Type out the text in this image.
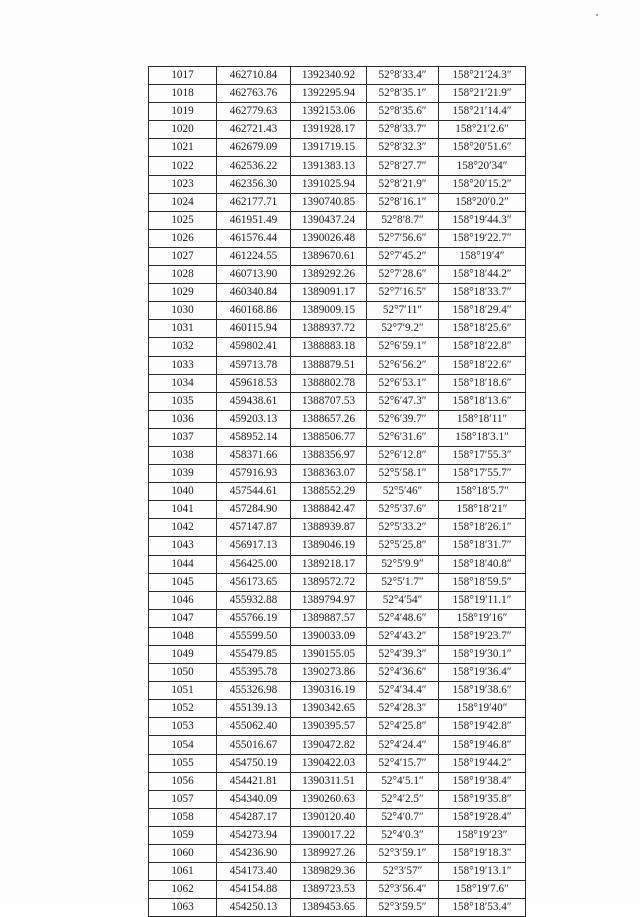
1017	462710.84	1392340.92	52°8′33.4″	158°21′24.3″
1018	462763.76	1392295.94	52°8′35.1″	158°21′21.9″
1019	462779.63	1392153.06	52°8′35.6″	158°21′14.4″
1020	462721.43	1391928.17	52°8′33.7″	158°21′2.6″
1021	462679.09	1391719.15	52°8′32.3″	158°20′51.6″
1022	462536.22	1391383.13	52°8′27.7″	158°20′34″
1023	462356.30	1391025.94	52°8′21.9″	158°20′15.2″
1024	462177.71	1390740.85	52°8′16.1″	158°20′0.2″
1025	461951.49	1390437.24	52°8′8.7″	158°19′44.3″
1026	461576.44	1390026.48	52°7′56.6″	158°19′22.7″
1027	461224.55	1389670.61	52°7′45.2″	158°19′4″
1028	460713.90	1389292.26	52°7′28.6″	158°18′44.2″
1029	460340.84	1389091.17	52°7′16.5″	158°18′33.7″
1030	460168.86	1389009.15	52°7′11″	158°18′29.4″
1031	460115.94	1388937.72	52°7′9.2″	158°18′25.6″
1032	459802.41	1388883.18	52°6′59.1″	158°18′22.8″
1033	459713.78	1388879.51	52°6′56.2″	158°18′22.6″
1034	459618.53	1388802.78	52°6′53.1″	158°18′18.6″
1035	459438.61	1388707.53	52°6′47.3″	158°18′13.6″
1036	459203.13	1388657.26	52°6′39.7″	158°18′11″
1037	458952.14	1388506.77	52°6′31.6″	158°18′3.1″
1038	458371.66	1388356.97	52°6′12.8″	158°17′55.3″
1039	457916.93	1388363.07	52°5′58.1″	158°17′55.7″
1040	457544.61	1388552.29	52°5′46″	158°18′5.7″
1041	457284.90	1388842.47	52°5′37.6″	158°18′21″
1042	457147.87	1388939.87	52°5′33.2″	158°18′26.1″
1043	456917.13	1389046.19	52°5′25.8″	158°18′31.7″
1044	456425.00	1389218.17	52°5′9.9″	158°18′40.8″
1045	456173.65	1389572.72	52°5′1.7″	158°18′59.5″
1046	455932.88	1389794.97	52°4′54″	158°19′11.1″
1047	455766.19	1389887.57	52°4′48.6″	158°19′16″
1048	455599.50	1390033.09	52°4′43.2″	158°19′23.7″
1049	455479.85	1390155.05	52°4′39.3″	158°19′30.1″
1050	455395.78	1390273.86	52°4′36.6″	158°19′36.4″
1051	455326.98	1390316.19	52°4′34.4″	158°19′38.6″
1052	455139.13	1390342.65	52°4′28.3″	158°19′40″
1053	455062.40	1390395.57	52°4′25.8″	158°19′42.8″
1054	455016.67	1390472.82	52°4′24.4″	158°19′46.8″
1055	454750.19	1390422.03	52°4′15.7″	158°19′44.2″
1056	454421.81	1390311.51	52°4′5.1″	158°19′38.4″
1057	454340.09	1390260.63	52°4′2.5″	158°19′35.8″
1058	454287.17	1390120.40	52°4′0.7″	158°19′28.4″
1059	454273.94	1390017.22	52°4′0.3″	158°19′23″
1060	454236.90	1389927.26	52°3′59.1″	158°19′18.3″
1061	454173.40	1389829.36	52°3′57″	158°19′13.1″
1062	454154.88	1389723.53	52°3′56.4″	158°19′7.6″
1063	454250.13	1389453.65	52°3′59.5″	158°18′53.4″
